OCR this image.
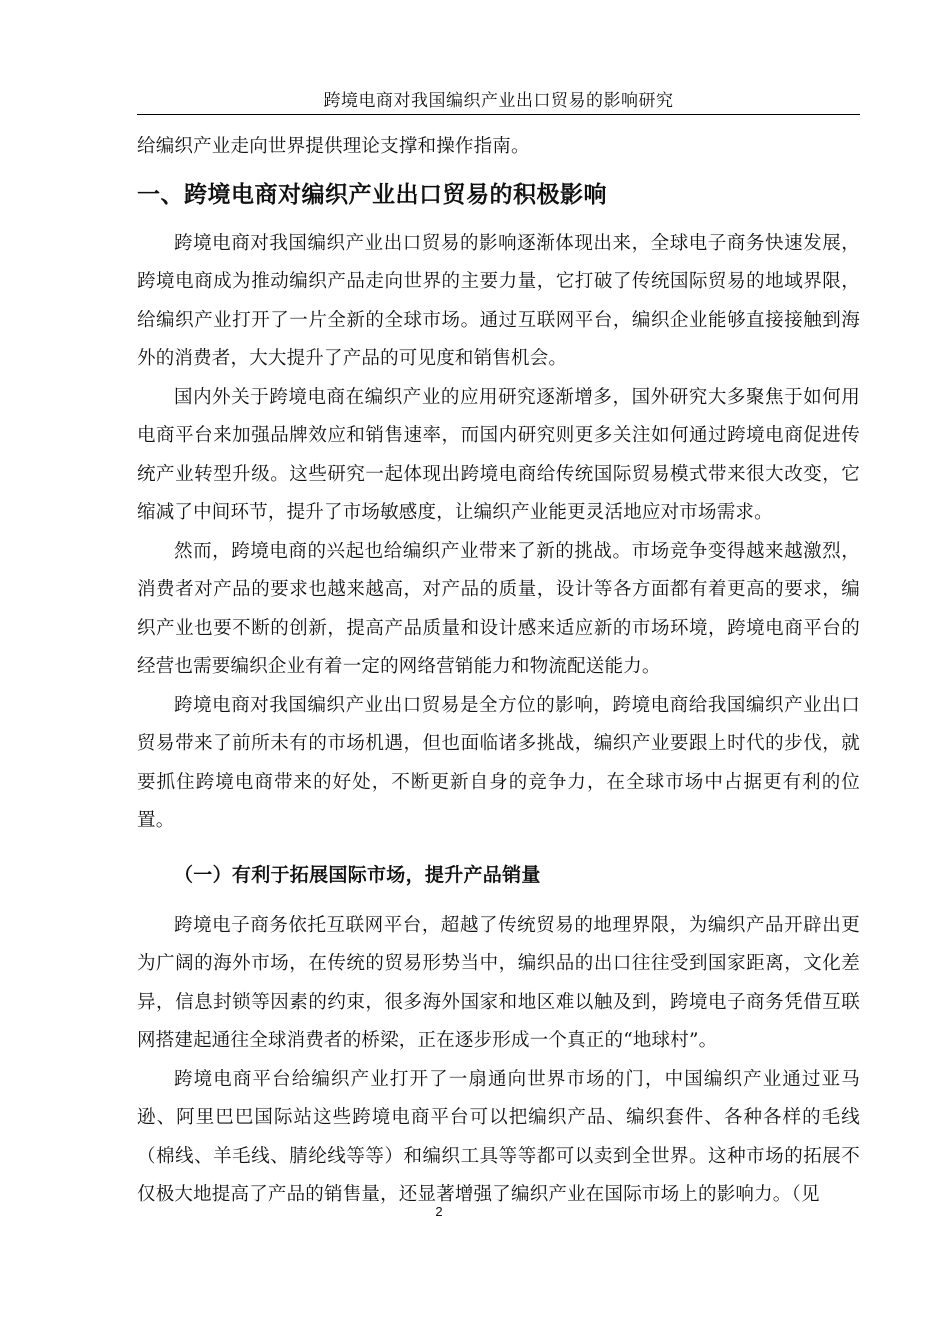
跨境电商对我国编织产业出口贸易的影响研究

给编织产业走向世界提供理论支撑和操作指南。

一、跨境电商对编织产业出口贸易的积极影响

跨境电商对我国编织产业出口贸易的影响逐渐体现出来，全球电子商务快速发展，跨境电商成为推动编织产品走向世界的主要力量，它打破了传统国际贸易的地域界限，给编织产业打开了一片全新的全球市场。通过互联网平台，编织企业能够直接接触到海外的消费者，大大提升了产品的可见度和销售机会。

国内外关于跨境电商在编织产业的应用研究逐渐增多，国外研究大多聚焦于如何用电商平台来加强品牌效应和销售速率，而国内研究则更多关注如何通过跨境电商促进传统产业转型升级。这些研究一起体现出跨境电商给传统国际贸易模式带来很大改变，它缩减了中间环节，提升了市场敏感度，让编织产业能更灵活地应对市场需求。

然而，跨境电商的兴起也给编织产业带来了新的挑战。市场竞争变得越来越激烈，消费者对产品的要求也越来越高，对产品的质量，设计等各方面都有着更高的要求，编织产业也要不断的创新，提高产品质量和设计感来适应新的市场环境，跨境电商平台的经营也需要编织企业有着一定的网络营销能力和物流配送能力。

跨境电商对我国编织产业出口贸易是全方位的影响，跨境电商给我国编织产业出口贸易带来了前所未有的市场机遇，但也面临诸多挑战，编织产业要跟上时代的步伐，就要抓住跨境电商带来的好处，不断更新自身的竞争力，在全球市场中占据更有利的位置。

（一）有利于拓展国际市场，提升产品销量

跨境电子商务依托互联网平台，超越了传统贸易的地理界限，为编织产品开辟出更为广阔的海外市场，在传统的贸易形势当中，编织品的出口往往受到国家距离，文化差异，信息封锁等因素的约束，很多海外国家和地区难以触及到，跨境电子商务凭借互联网搭建起通往全球消费者的桥梁，正在逐步形成一个真正的“地球村”。

跨境电商平台给编织产业打开了一扇通向世界市场的门，中国编织产业通过亚马逊、阿里巴巴国际站这些跨境电商平台可以把编织产品、编织套件、各种各样的毛线（棉线、羊毛线、腈纶线等等）和编织工具等等都可以卖到全世界。这种市场的拓展不仅极大地提高了产品的销售量，还显著增强了编织产业在国际市场上的影响力。（见

2
